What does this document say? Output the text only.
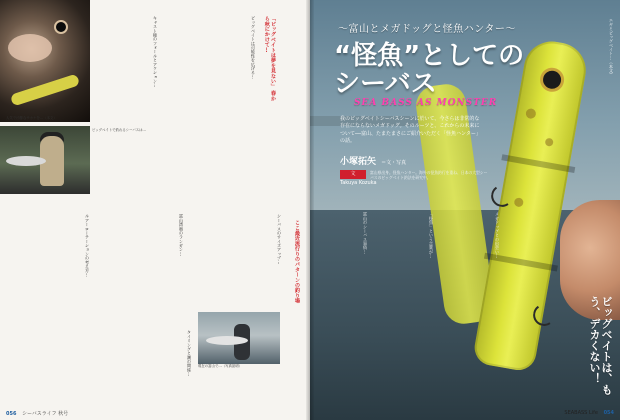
人気で凶暴なサカナを…（本文）
ビッグベイトで釣れるシーバスは…
「ビッグベイトは夢を見ない」 春から秋にかけて…
ここ最近流行りのパターンの釣り場
キャスト後のフォールとアクション…	ビッグベイトは可能性を広げる…
富山湾奥のランガン…	シーバスのサイズアップ…
ルアーローテーションの考え方…
タイミングと潮の関係… 現在の富山で…（写真説明）
056 シーバスライフ 秋号
〜富山とメガドッグと怪魚ハンター〜
“怪魚”としての
シーバス
SEA BASS AS MONSTER
我のビッグベイトシーバスシーンに於いて、今さらは非常的な存在にならないメガドッグ。そのルーツと、これからの未来について──富山、たまたまさにご紹介いただく「怪魚ハンター」の話。
小塚拓矢 ＝文・写真
文
Takuya Kozuka
富山県出身。怪魚ハンター。海外の怪魚釣行を重ね、日本の大型シーバスのビッグベイト釣法を研究中。
エギとビッグベイト…（本文）
「怪魚」という言葉が…	メガドッグとの出会い…
富山のシーバス事情…
ビッグベイトは、もう、デカくない！
SEABASS Life 054
